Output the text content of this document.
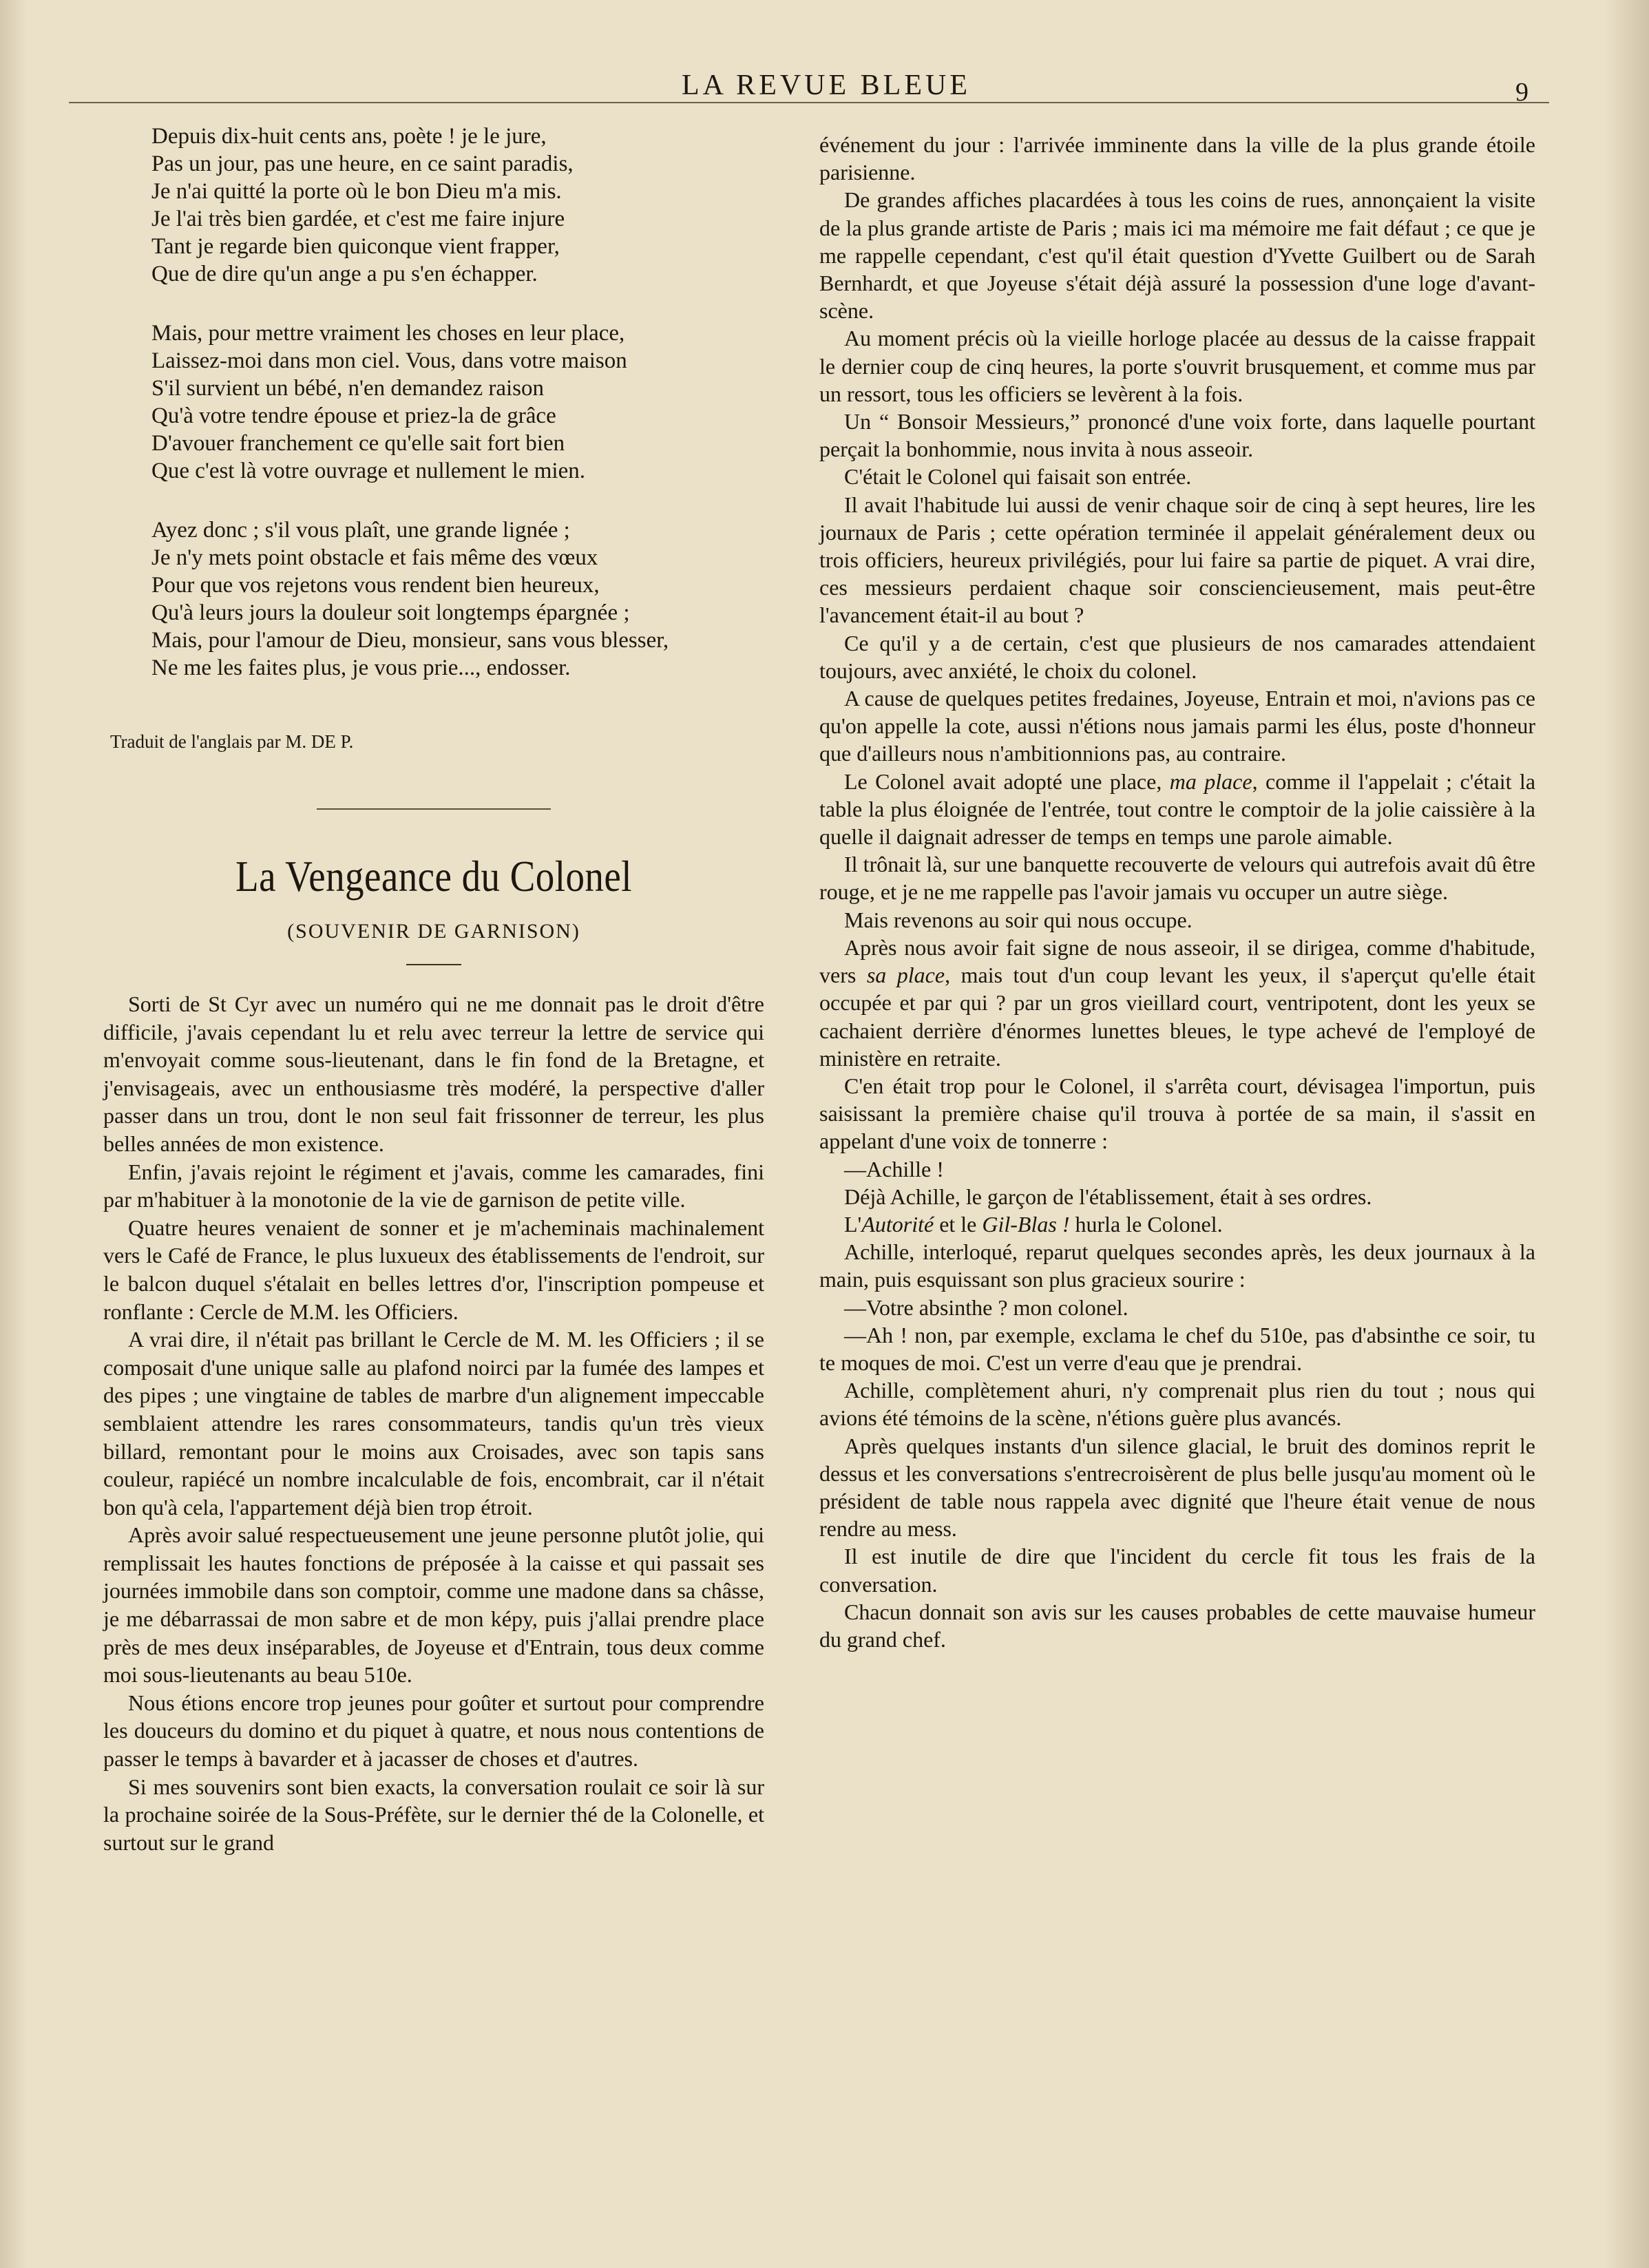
LA REVUE BLEUE	9
Depuis dix-huit cents ans, poète ! je le jure,
Pas un jour, pas une heure, en ce saint paradis,
Je n'ai quitté la porte où le bon Dieu m'a mis.
Je l'ai très bien gardée, et c'est me faire injure
Tant je regarde bien quiconque vient frapper,
Que de dire qu'un ange a pu s'en échapper.
Mais, pour mettre vraiment les choses en leur place,
Laissez-moi dans mon ciel. Vous, dans votre maison
S'il survient un bébé, n'en demandez raison
Qu'à votre tendre épouse et priez-la de grâce
D'avouer franchement ce qu'elle sait fort bien
Que c'est là votre ouvrage et nullement le mien.
Ayez donc ; s'il vous plaît, une grande lignée ;
Je n'y mets point obstacle et fais même des vœux
Pour que vos rejetons vous rendent bien heureux,
Qu'à leurs jours la douleur soit longtemps épargnée ;
Mais, pour l'amour de Dieu, monsieur, sans vous blesser,
Ne me les faites plus, je vous prie..., endosser.
Traduit de l'anglais par M. DE P.
La Vengeance du Colonel
(SOUVENIR DE GARNISON)

Sorti de St Cyr avec un numéro qui ne me donnait pas le droit d'être difficile, j'avais cependant lu et relu avec terreur la lettre de service qui m'envoyait comme sous-lieutenant, dans le fin fond de la Bretagne, et j'envisageais, avec un enthousiasme très modéré, la perspective d'aller passer dans un trou, dont le non seul fait frissonner de terreur, les plus belles années de mon existence.

Enfin, j'avais rejoint le régiment et j'avais, comme les camarades, fini par m'habituer à la monotonie de la vie de garnison de petite ville.

Quatre heures venaient de sonner et je m'acheminais machinalement vers le Café de France, le plus luxueux des établissements de l'endroit, sur le balcon duquel s'étalait en belles lettres d'or, l'inscription pompeuse et ronflante : Cercle de M.M. les Officiers.

A vrai dire, il n'était pas brillant le Cercle de M. M. les Officiers ; il se composait d'une unique salle au plafond noirci par la fumée des lampes et des pipes ; une vingtaine de tables de marbre d'un alignement impeccable semblaient attendre les rares consommateurs, tandis qu'un très vieux billard, remontant pour le moins aux Croisades, avec son tapis sans couleur, rapiécé un nombre incalculable de fois, encombrait, car il n'était bon qu'à cela, l'appartement déjà bien trop étroit.

Après avoir salué respectueusement une jeune personne plutôt jolie, qui remplissait les hautes fonctions de préposée à la caisse et qui passait ses journées immobile dans son comptoir, comme une madone dans sa châsse, je me débarrassai de mon sabre et de mon képy, puis j'allai prendre place près de mes deux inséparables, de Joyeuse et d'Entrain, tous deux comme moi sous-lieutenants au beau 510e.

Nous étions encore trop jeunes pour goûter et surtout pour comprendre les douceurs du domino et du piquet à quatre, et nous nous contentions de passer le temps à bavarder et à jacasser de choses et d'autres.

Si mes souvenirs sont bien exacts, la conversation roulait ce soir là sur la prochaine soirée de la Sous-Préfète, sur le dernier thé de la Colonelle, et surtout sur le grand

événement du jour : l'arrivée imminente dans la ville de la plus grande étoile parisienne.

De grandes affiches placardées à tous les coins de rues, annonçaient la visite de la plus grande artiste de Paris ; mais ici ma mémoire me fait défaut ; ce que je me rappelle cependant, c'est qu'il était question d'Yvette Guilbert ou de Sarah Bernhardt, et que Joyeuse s'était déjà assuré la possession d'une loge d'avant-scène.

Au moment précis où la vieille horloge placée au dessus de la caisse frappait le dernier coup de cinq heures, la porte s'ouvrit brusquement, et comme mus par un ressort, tous les officiers se levèrent à la fois.

Un “ Bonsoir Messieurs,” prononcé d'une voix forte, dans laquelle pourtant perçait la bonhommie, nous invita à nous asseoir.

C'était le Colonel qui faisait son entrée.

Il avait l'habitude lui aussi de venir chaque soir de cinq à sept heures, lire les journaux de Paris ; cette opération terminée il appelait généralement deux ou trois officiers, heureux privilégiés, pour lui faire sa partie de piquet. A vrai dire, ces messieurs perdaient chaque soir consciencieusement, mais peut-être l'avancement était-il au bout ?

Ce qu'il y a de certain, c'est que plusieurs de nos camarades attendaient toujours, avec anxiété, le choix du colonel.

A cause de quelques petites fredaines, Joyeuse, Entrain et moi, n'avions pas ce qu'on appelle la cote, aussi n'étions nous jamais parmi les élus, poste d'honneur que d'ailleurs nous n'ambitionnions pas, au contraire.

Le Colonel avait adopté une place, ma place, comme il l'appelait ; c'était la table la plus éloignée de l'entrée, tout contre le comptoir de la jolie caissière à la quelle il daignait adresser de temps en temps une parole aimable.

Il trônait là, sur une banquette recouverte de velours qui autrefois avait dû être rouge, et je ne me rappelle pas l'avoir jamais vu occuper un autre siège.

Mais revenons au soir qui nous occupe.

Après nous avoir fait signe de nous asseoir, il se dirigea, comme d'habitude, vers sa place, mais tout d'un coup levant les yeux, il s'aperçut qu'elle était occupée et par qui ? par un gros vieillard court, ventripotent, dont les yeux se cachaient derrière d'énormes lunettes bleues, le type achevé de l'employé de ministère en retraite.

C'en était trop pour le Colonel, il s'arrêta court, dévisagea l'importun, puis saisissant la première chaise qu'il trouva à portée de sa main, il s'assit en appelant d'une voix de tonnerre :

—Achille !

Déjà Achille, le garçon de l'établissement, était à ses ordres.

L'Autorité et le Gil-Blas ! hurla le Colonel.

Achille, interloqué, reparut quelques secondes après, les deux journaux à la main, puis esquissant son plus gracieux sourire :

—Votre absinthe ? mon colonel.

—Ah ! non, par exemple, exclama le chef du 510e, pas d'absinthe ce soir, tu te moques de moi. C'est un verre d'eau que je prendrai.

Achille, complètement ahuri, n'y comprenait plus rien du tout ; nous qui avions été témoins de la scène, n'étions guère plus avancés.

Après quelques instants d'un silence glacial, le bruit des dominos reprit le dessus et les conversations s'entrecroisèrent de plus belle jusqu'au moment où le président de table nous rappela avec dignité que l'heure était venue de nous rendre au mess.

Il est inutile de dire que l'incident du cercle fit tous les frais de la conversation.

Chacun donnait son avis sur les causes probables de cette mauvaise humeur du grand chef.
